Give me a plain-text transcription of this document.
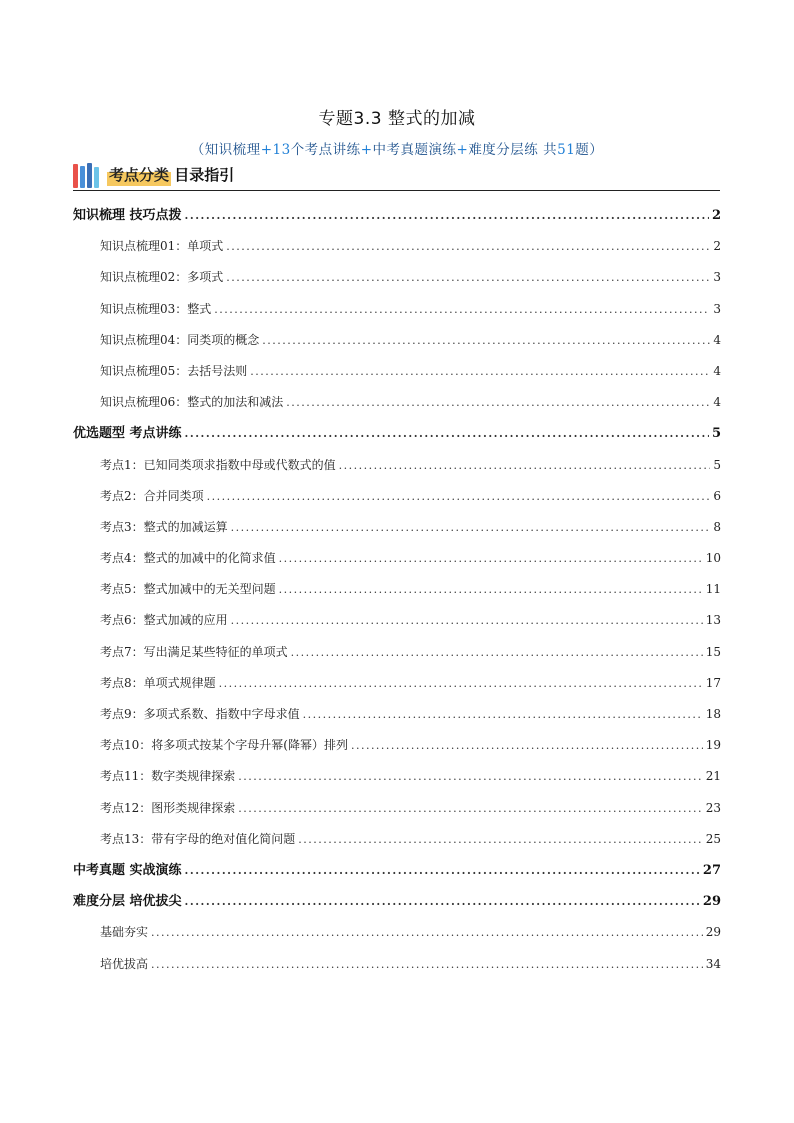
专题3.3 整式的加减
（知识梳理+13个考点讲练+中考真题演练+难度分层练 共51题）
考点分类 目录指引
知识梳理 技巧点拨 .....	2
知识点梳理01：单项式 .....	2
知识点梳理02：多项式 .....	3
知识点梳理03：整式 .....	3
知识点梳理04：同类项的概念 .....	4
知识点梳理05：去括号法则 .....	4
知识点梳理06：整式的加法和减法 .....	4
优选题型 考点讲练 .....	5
考点1：已知同类项求指数中母或代数式的值 .....	5
考点2：合并同类项 .....	6
考点3：整式的加减运算 .....	8
考点4：整式的加减中的化简求值 .....	10
考点5：整式加减中的无关型问题 .....	11
考点6：整式加减的应用 .....	13
考点7：写出满足某些特征的单项式 .....	15
考点8：单项式规律题 .....	17
考点9：多项式系数、指数中字母求值 .....	18
考点10：将多项式按某个字母升幂(降幂）排列 .....	19
考点11：数字类规律探索 .....	21
考点12：图形类规律探索 .....	23
考点13：带有字母的绝对值化简问题 .....	25
中考真题 实战演练 .....	27
难度分层 培优拔尖 .....	29
基础夯实 .....	29
培优拔高 .....	34
